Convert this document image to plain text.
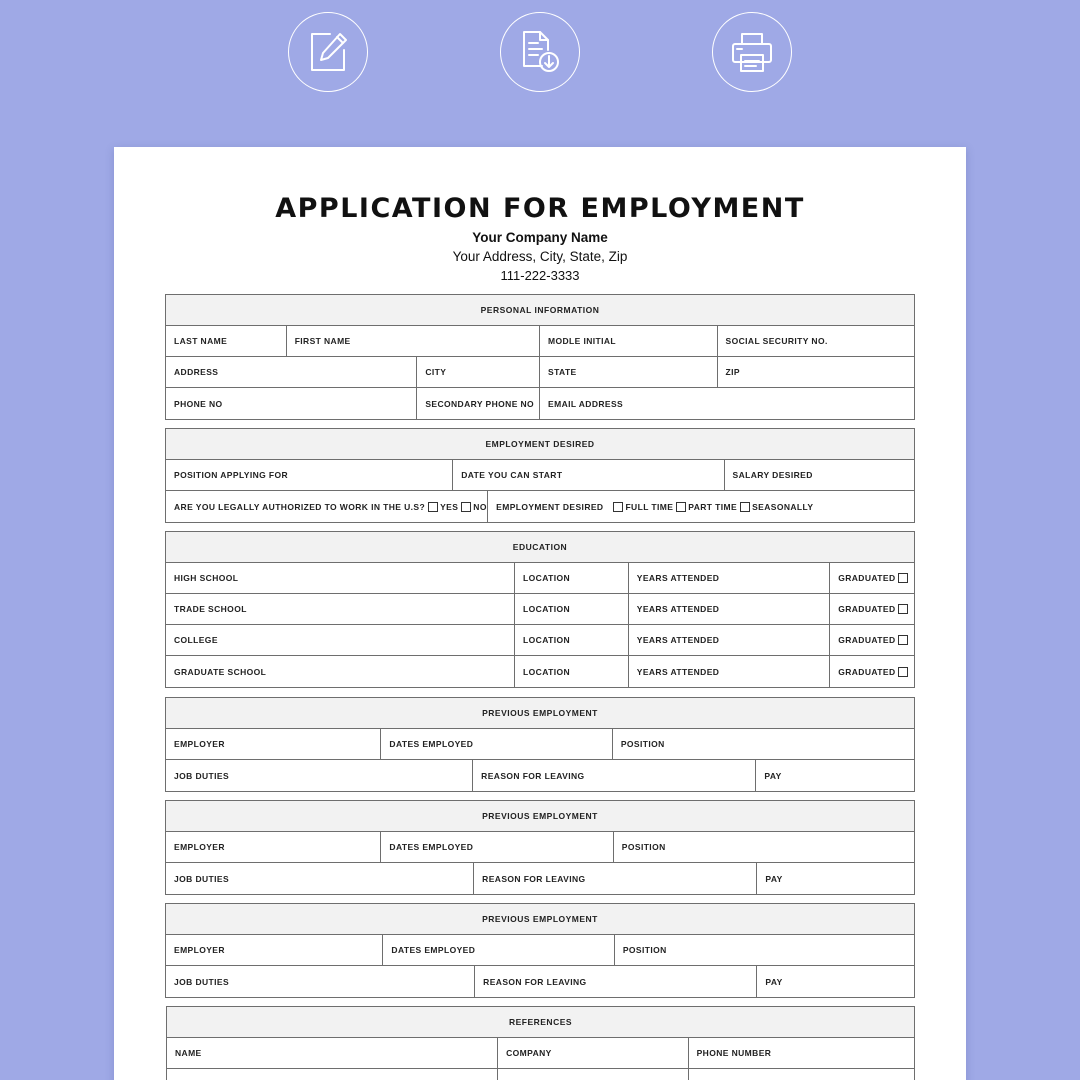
APPLICATION FOR EMPLOYMENT
Your Company Name
Your Address, City, State, Zip
111-222-3333
PERSONAL INFORMATION
LAST NAME	FIRST NAME	MODLE INITIAL	SOCIAL SECURITY NO.
ADDRESS	CITY	STATE	ZIP
PHONE NO	SECONDARY PHONE NO	EMAIL ADDRESS
EMPLOYMENT DESIRED
POSITION APPLYING FOR	DATE YOU CAN START	SALARY DESIRED
ARE YOU LEGALLY AUTHORIZED TO WORK IN THE U.S? YES NO EMPLOYMENT DESIRED	FULL TIME PART TIME SEASONALLY
EDUCATION
HIGH SCHOOL	LOCATION	YEARS ATTENDED	GRADUATED
TRADE SCHOOL	LOCATION	YEARS ATTENDED	GRADUATED
COLLEGE	LOCATION	YEARS ATTENDED	GRADUATED
GRADUATE SCHOOL	LOCATION	YEARS ATTENDED	GRADUATED
PREVIOUS EMPLOYMENT
EMPLOYER	DATES EMPLOYED	POSITION
JOB DUTIES	REASON FOR LEAVING	PAY
PREVIOUS EMPLOYMENT
EMPLOYER	DATES EMPLOYED	POSITION
JOB DUTIES	REASON FOR LEAVING	PAY
PREVIOUS EMPLOYMENT
EMPLOYER	DATES EMPLOYED	POSITION
JOB DUTIES	REASON FOR LEAVING	PAY
REFERENCES
NAME	COMPANY	PHONE NUMBER
